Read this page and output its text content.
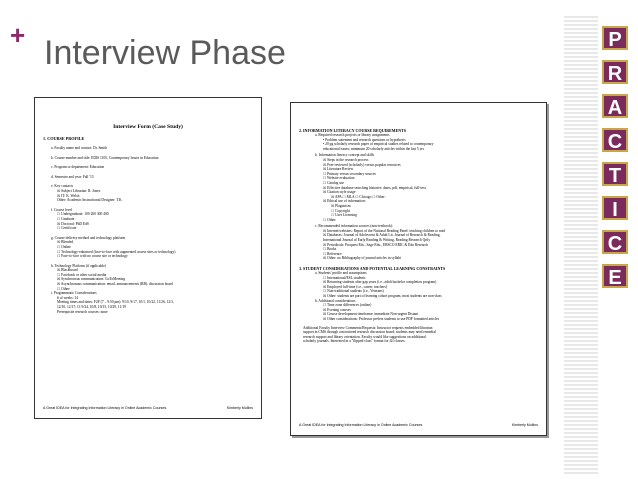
+ Interview Phase
Interview Form (Case Study)
1. COURSE PROFILE
a. Faculty name and contact: Dr. Smith
b. Course number and title: EDIS 1105, Contemporary Issues in Education
c. Program or department: Education
d. Semester and year: Fall '13
e. Key contacts
☒ Subject Librarian: R. Jones
☒ IT: K. Welsh
Other: Academic Instructional Designer: T.K.
f. Course level
☐ Undergraduate: 100 200 300 400
☐ Graduate
☒ Doctoral: PhD EdS
☐ Certificate
g. Course delivery method and technology platform
☒ Blended
☐ Online
☐ Technology-enhanced (face-to-face with augmented course sites or technology)
☐ Face-to-face with no course site or technology
h. Technology Platform (if applicable)
☒ Blackboard
☐ Facebook or other social media
☒ Synchronous communication: GoToMeeting
☒ Asynchronous communication: email, announcements (RB), discussion board
☐ Other:
i. Programmatic Considerations
# of weeks: 14
Meeting times and dates: F2F (7 – 9:50 pm): 9/10, 9/17, 10/1, 10/22, 11/26, 12/3,
12/10, 12/17; O: 9/24, 10/8, 10/15, 10/29, 11/19
Prerequisite research courses: none
A Great IDEA for Integrating Information Literacy in Online Academic Courses	Kimberly Mullins
2. INFORMATION LITERACY COURSE REQUIREMENTS
a. Required research projects or library assignments
• Problem statement and research questions or hypothesis
• 20 pg scholarly research paper of empirical studies related to contemporary
educational issues; minimum 20 scholarly articles within the last 5 yrs
b. Information literacy concept and skills
☒ Steps in the research process
☒ Peer-reviewed (scholarly) versus popular resources
☒ Literature Review
☐ Primary versus secondary sources
☐ Website evaluation
☐ Catalog use
☒ Effective database searching histories: dates, pdf, empirical, full-text
☒ Citation style usage
☒ APA ☐ MLA ☐ Chicago ☐ Other:
☒ Ethical use of information:
☒ Plagiarism
☐ Copyright
☐ User Licensing
☐ Other:
c. Recommended information sources (non-textbook):
☒ Internet/websites: Report of the National Reading Panel: teaching children to read
☒ Databases: Journal of Adolescent & Adult Lit, Journal of Research & Reading,
International Journal of Early Reading & Writing, Reading Research Qrtly
☒ Periodicals: Proquest Eds., Sage Edu., EBSCO ERIC & Edu Research
☐ Books
☐ Reference
☒ Other: no Bibliography of journal articles in syllabi
3. STUDENT CONSIDERATIONS AND POTENTIAL LEARNING CONSTRAINTS
a. Students' profile and assumptions
☐ International/ESL students
☒ Returning students after gap years (i.e., adult bachelor completion program)
☒ Employed full-time (i.e., career, teachers)
☐ Non-traditional students (i.e., Veterans)
☒ Other: students are part of learning cohort program, most students are non-class
b. Additional considerations
☐ Time zone differences (online)
☒ Evening courses
☒ Course development timeframe: immediate Non-urgent Distant
☒ Other considerations: Professor prefers students to use PDF formatted articles
Additional Faculty Interview Comments/Requests: Instructor requests embedded librarian
support in CMS through a monitored research discussion board; students may need remedial
research support and library orientation. Faculty would like suggestions on additional
scholarly journals. Interested in a "flipped-class" format for f2f classes.
A Great IDEA for Integrating Information Literacy in Online Academic Courses	Kimberly Mullins
P
R
A
C
T
I
C
E
